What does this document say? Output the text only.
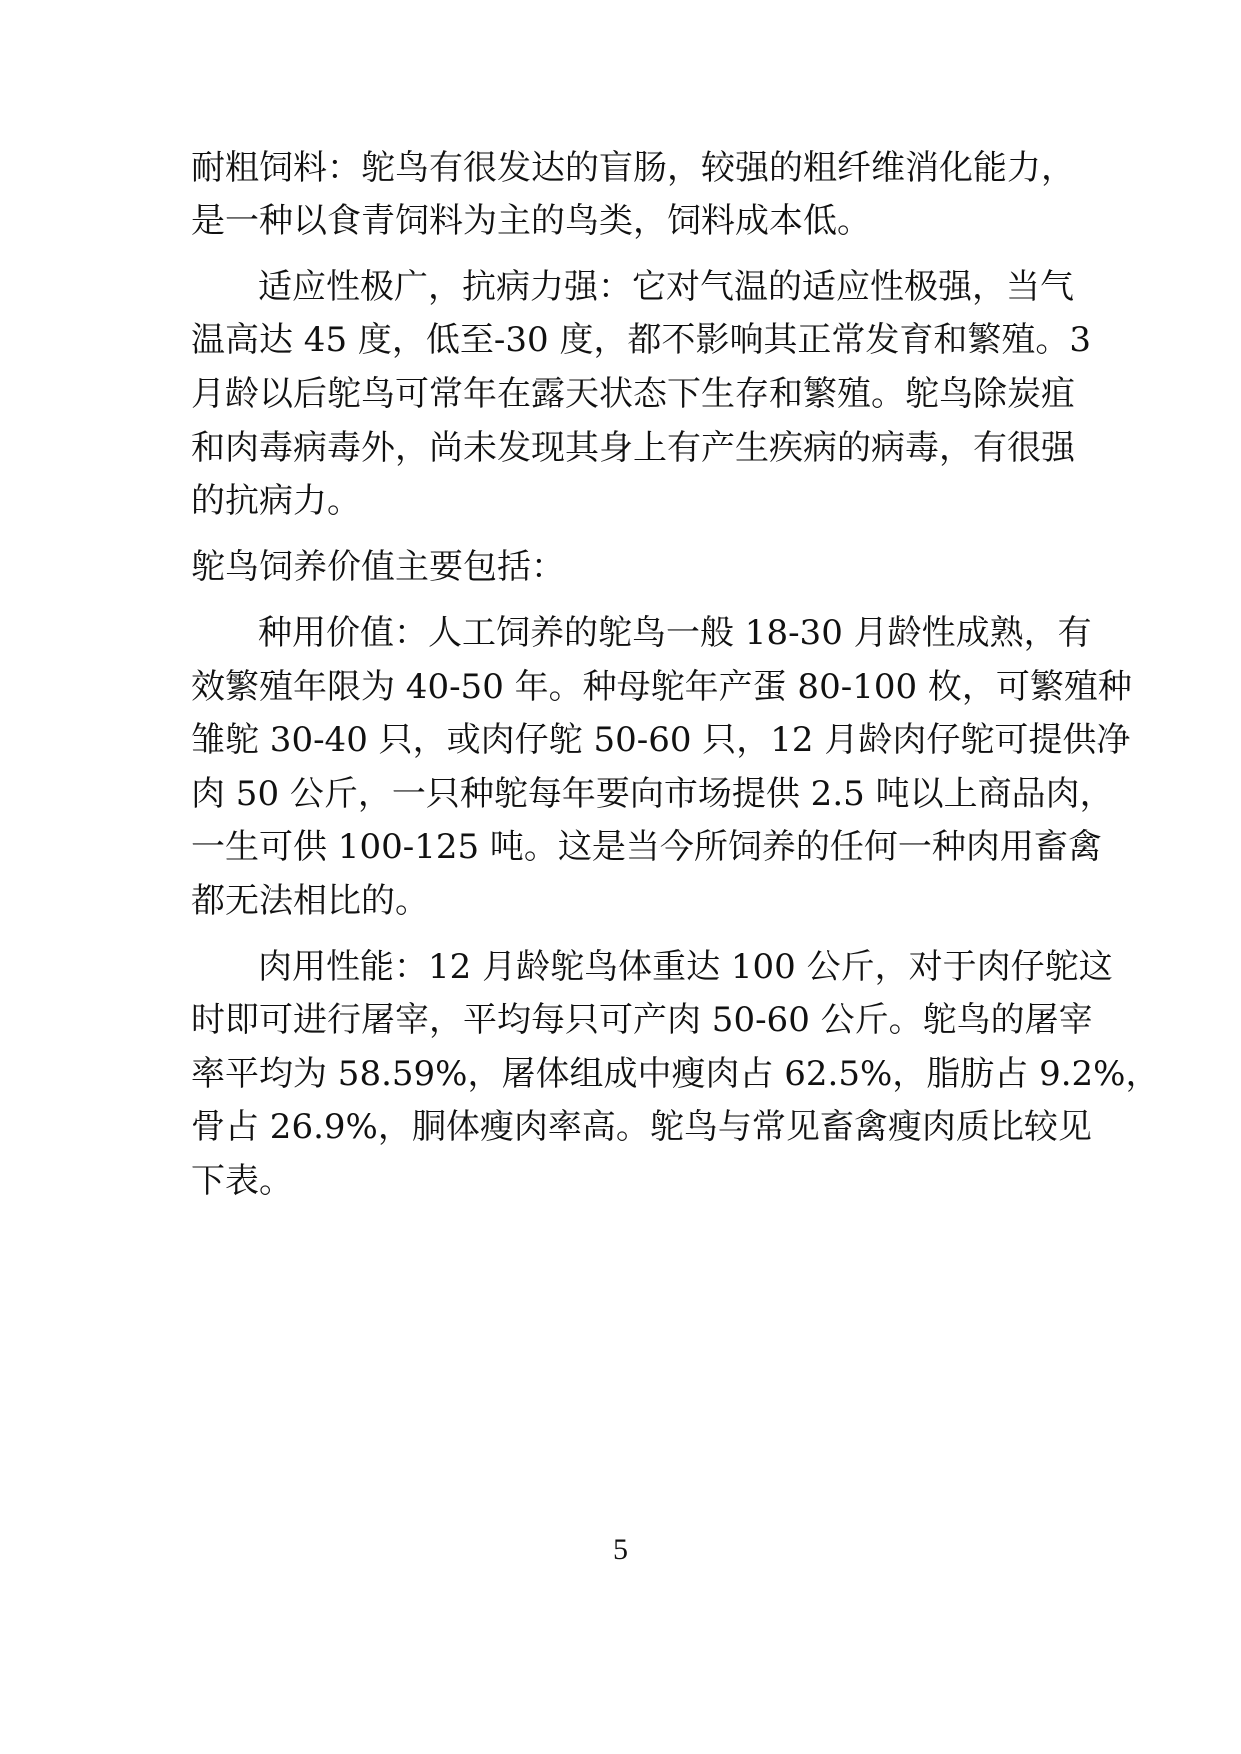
耐粗饲料：鸵鸟有很发达的盲肠，较强的粗纤维消化能力，
是一种以食青饲料为主的鸟类，饲料成本低。
适应性极广，抗病力强：它对气温的适应性极强，当气
温高达 45 度，低至-30 度，都不影响其正常发育和繁殖。3
月龄以后鸵鸟可常年在露天状态下生存和繁殖。鸵鸟除炭疽
和肉毒病毒外，尚未发现其身上有产生疾病的病毒，有很强
的抗病力。
鸵鸟饲养价值主要包括：
种用价值：人工饲养的鸵鸟一般 18-30 月龄性成熟，有
效繁殖年限为 40-50 年。种母鸵年产蛋 80-100 枚，可繁殖种
雏鸵 30-40 只，或肉仔鸵 50-60 只，12 月龄肉仔鸵可提供净
肉 50 公斤，一只种鸵每年要向市场提供 2.5 吨以上商品肉，
一生可供 100-125 吨。这是当今所饲养的任何一种肉用畜禽
都无法相比的。
肉用性能：12 月龄鸵鸟体重达 100 公斤，对于肉仔鸵这
时即可进行屠宰，平均每只可产肉 50-60 公斤。鸵鸟的屠宰
率平均为 58.59%，屠体组成中瘦肉占 62.5%，脂肪占 9.2%，
骨占 26.9%，胴体瘦肉率高。鸵鸟与常见畜禽瘦肉质比较见
下表。
5
